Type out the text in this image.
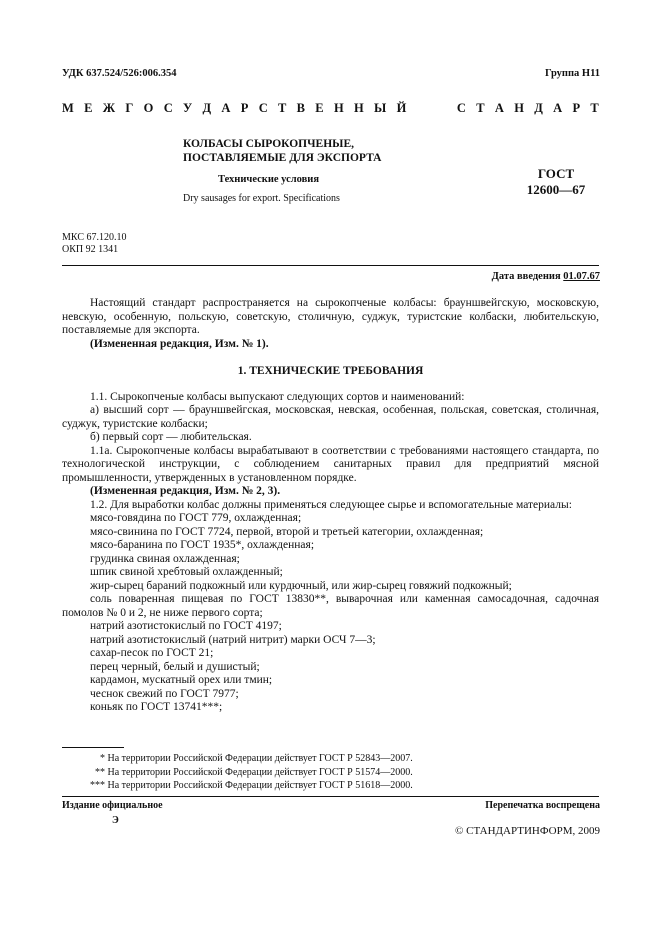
УДК 637.524/526:006.354	Группа Н11
М Е Ж Г О С У Д А Р С Т В Е Н Н Ы Й	С Т А Н Д А Р Т
КОЛБАСЫ СЫРОКОПЧЕНЫЕ,
ПОСТАВЛЯЕМЫЕ ДЛЯ ЭКСПОРТА
Технические условия
Dry sausages for export. Specifications
ГОСТ
12600—67
МКС 67.120.10
ОКП 92 1341
Дата введения 01.07.67

Настоящий стандарт распространяется на сырокопченые колбасы: брауншвейгскую, московскую, невскую, особенную, польскую, советскую, столичную, суджук, туристские колбаски, любительскую, поставляемые для экспорта.

(Измененная редакция, Изм. № 1).

1. ТЕХНИЧЕСКИЕ ТРЕБОВАНИЯ

1.1. Сырокопченые колбасы выпускают следующих сортов и наименований:

а) высший сорт — брауншвейгская, московская, невская, особенная, польская, советская, столичная, суджук, туристские колбаски;

б) первый сорт — любительская.

1.1а. Сырокопченые колбасы вырабатывают в соответствии с требованиями настоящего стандарта, по технологической инструкции, с соблюдением санитарных правил для предприятий мясной промышленности, утвержденных в установленном порядке.

(Измененная редакция, Изм. № 2, 3).

1.2. Для выработки колбас должны применяться следующее сырье и вспомогательные материалы:

мясо-говядина по ГОСТ 779, охлажденная;

мясо-свинина по ГОСТ 7724, первой, второй и третьей категории, охлажденная;

мясо-баранина по ГОСТ 1935*, охлажденная;

грудинка свиная охлажденная;

шпик свиной хребтовый охлажденный;

жир-сырец бараний подкожный или курдючный, или жир-сырец говяжий подкожный;

соль поваренная пищевая по ГОСТ 13830**, выварочная или каменная самосадочная, садочная помолов № 0 и 2, не ниже первого сорта;

натрий азотистокислый по ГОСТ 4197;

натрий азотистокислый (натрий нитрит) марки ОСЧ 7—3;

сахар-песок по ГОСТ 21;

перец черный, белый и душистый;

кардамон, мускатный орех или тмин;

чеснок свежий по ГОСТ 7977;

коньяк по ГОСТ 13741***;

* На территории Российской Федерации действует ГОСТ Р 52843—2007.
** На территории Российской Федерации действует ГОСТ Р 51574—2000.
*** На территории Российской Федерации действует ГОСТ Р 51618—2000.
Издание официальное	Перепечатка воспрещена
Э
© СТАНДАРТИНФОРМ, 2009
